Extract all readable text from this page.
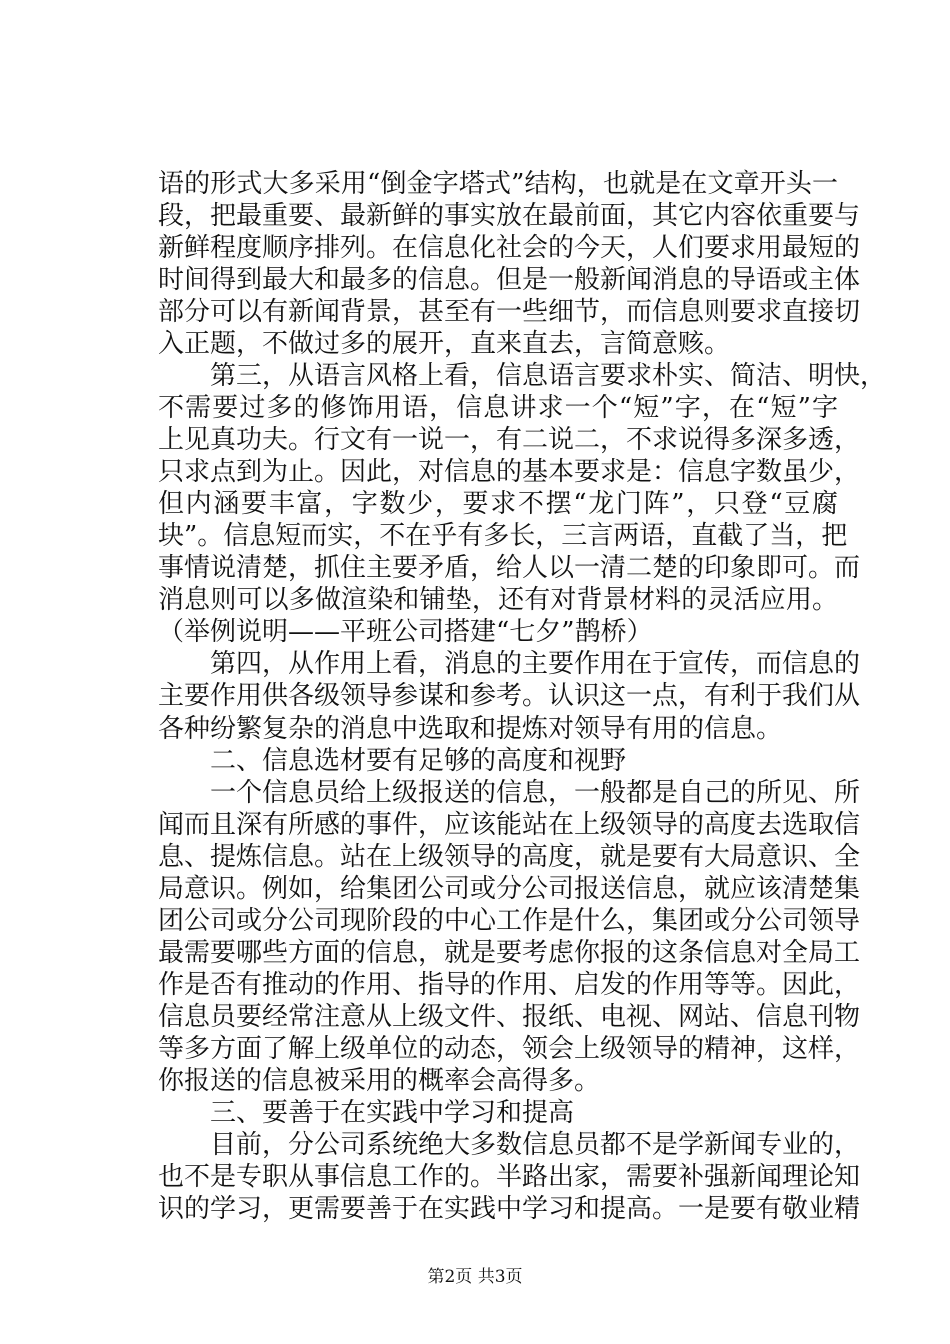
语的形式大多采用“倒金字塔式”结构，也就是在文章开头一
段，把最重要、最新鲜的事实放在最前面，其它内容依重要与
新鲜程度顺序排列。在信息化社会的今天，人们要求用最短的
时间得到最大和最多的信息。但是一般新闻消息的导语或主体
部分可以有新闻背景，甚至有一些细节，而信息则要求直接切
入正题，不做过多的展开，直来直去，言简意赅。
第三，从语言风格上看，信息语言要求朴实、简洁、明快，
不需要过多的修饰用语，信息讲求一个“短”字，在“短”字
上见真功夫。行文有一说一，有二说二，不求说得多深多透，
只求点到为止。因此，对信息的基本要求是：信息字数虽少，
但内涵要丰富，字数少，要求不摆“龙门阵”，只登“豆腐
块”。信息短而实，不在乎有多长，三言两语，直截了当，把
事情说清楚，抓住主要矛盾，给人以一清二楚的印象即可。而
消息则可以多做渲染和铺垫，还有对背景材料的灵活应用。
（举例说明——平班公司搭建“七夕”鹊桥）
第四，从作用上看，消息的主要作用在于宣传，而信息的
主要作用供各级领导参谋和参考。认识这一点，有利于我们从
各种纷繁复杂的消息中选取和提炼对领导有用的信息。
二、信息选材要有足够的高度和视野
一个信息员给上级报送的信息，一般都是自己的所见、所
闻而且深有所感的事件，应该能站在上级领导的高度去选取信
息、提炼信息。站在上级领导的高度，就是要有大局意识、全
局意识。例如，给集团公司或分公司报送信息，就应该清楚集
团公司或分公司现阶段的中心工作是什么，集团或分公司领导
最需要哪些方面的信息，就是要考虑你报的这条信息对全局工
作是否有推动的作用、指导的作用、启发的作用等等。因此，
信息员要经常注意从上级文件、报纸、电视、网站、信息刊物
等多方面了解上级单位的动态，领会上级领导的精神，这样，
你报送的信息被采用的概率会高得多。
三、要善于在实践中学习和提高
目前，分公司系统绝大多数信息员都不是学新闻专业的，
也不是专职从事信息工作的。半路出家，需要补强新闻理论知
识的学习，更需要善于在实践中学习和提高。一是要有敬业精
第2页 共3页
